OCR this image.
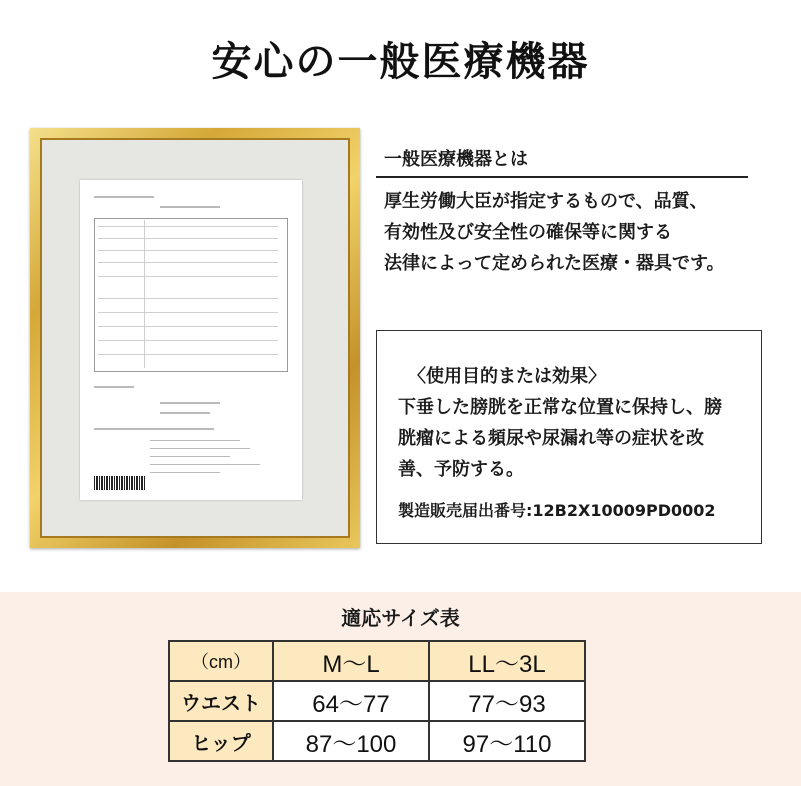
安心の一般医療機器
一般医療機器とは
厚生労働大臣が指定するもので、品質、
有効性及び安全性の確保等に関する
法律によって定められた医療・器具です。
〈使用目的または効果〉
下垂した膀胱を正常な位置に保持し、膀
胱瘤による頻尿や尿漏れ等の症状を改
善、予防する。
製造販売届出番号:12B2X10009PD0002
適応サイズ表
（cm）	M〜L	LL〜3L
ウエスト	64〜77	77〜93
ヒップ	87〜100	97〜110
